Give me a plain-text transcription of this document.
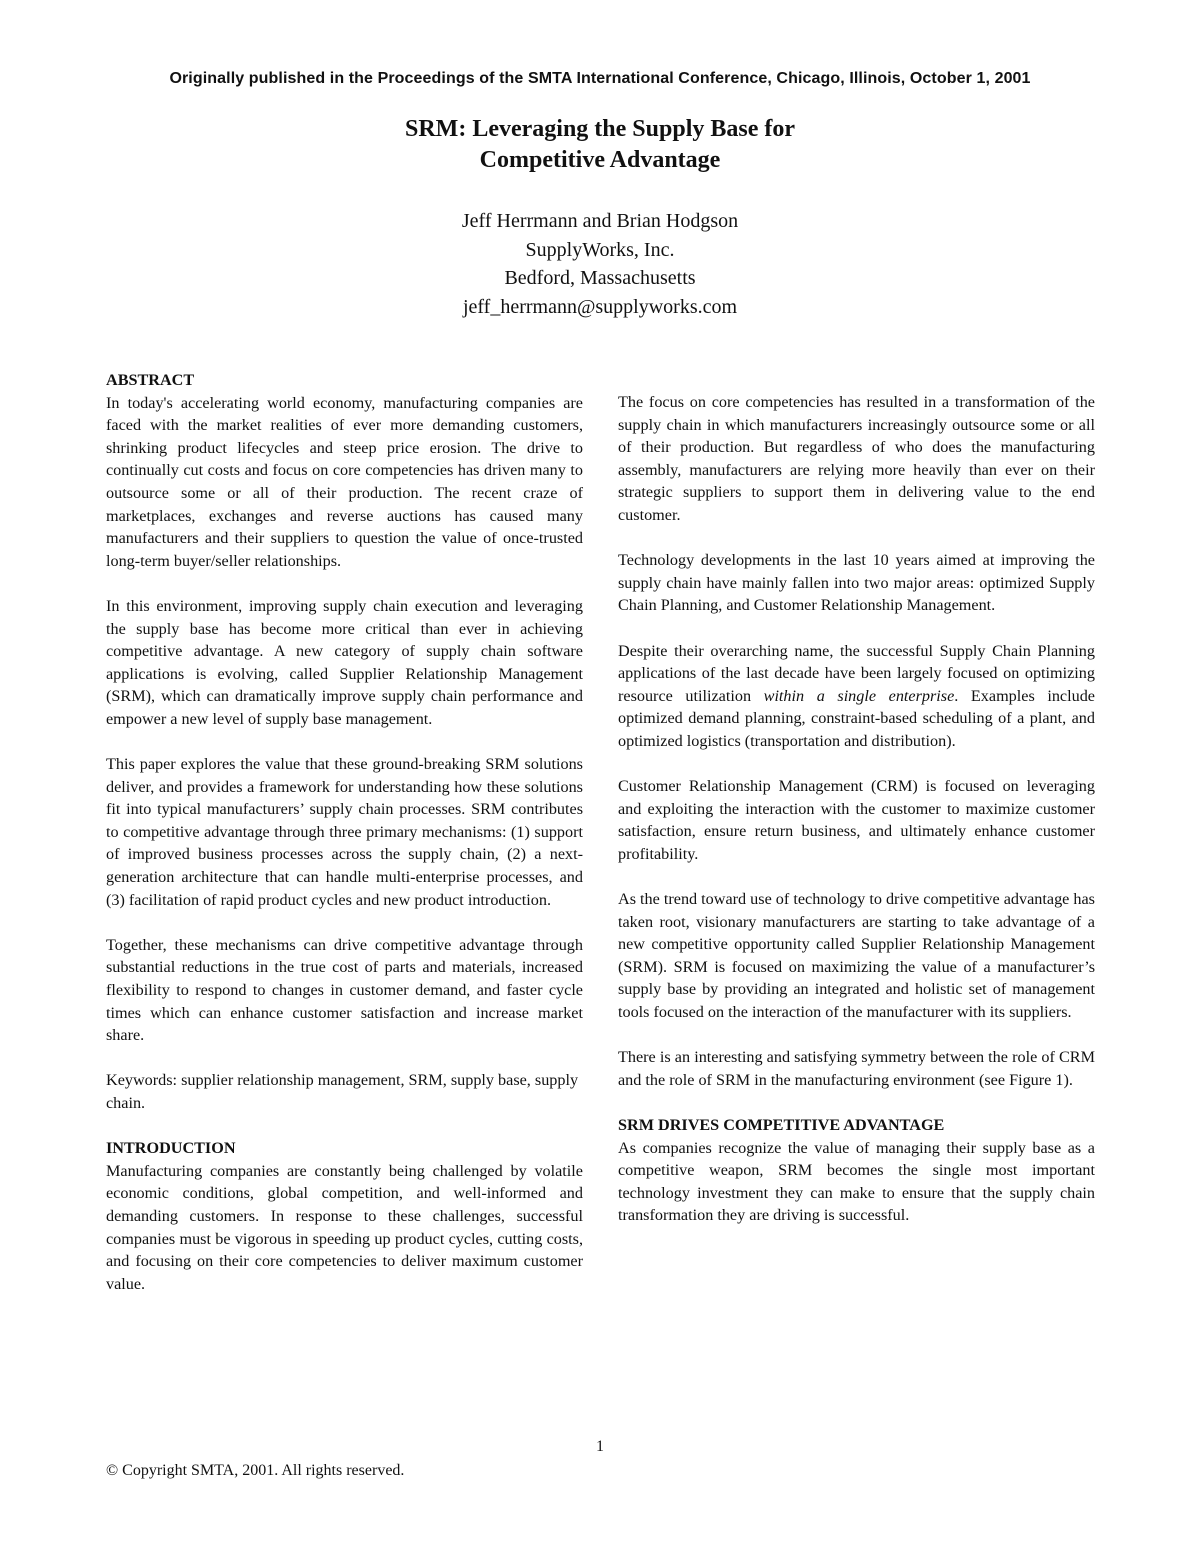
Originally published in the Proceedings of the SMTA International Conference, Chicago, Illinois, October 1, 2001
SRM: Leveraging the Supply Base for
Competitive Advantage
Jeff Herrmann and Brian Hodgson
SupplyWorks, Inc.
Bedford, Massachusetts
jeff_herrmann@supplyworks.com
ABSTRACT

In today's accelerating world economy, manufacturing companies are faced with the market realities of ever more demanding customers, shrinking product lifecycles and steep price erosion. The drive to continually cut costs and focus on core competencies has driven many to outsource some or all of their production. The recent craze of marketplaces, exchanges and reverse auctions has caused many manufacturers and their suppliers to question the value of once-trusted long-term buyer/seller relationships.

In this environment, improving supply chain execution and leveraging the supply base has become more critical than ever in achieving competitive advantage. A new category of supply chain software applications is evolving, called Supplier Relationship Management (SRM), which can dramatically improve supply chain performance and empower a new level of supply base management.

This paper explores the value that these ground-breaking SRM solutions deliver, and provides a framework for understanding how these solutions fit into typical manufacturers’ supply chain processes. SRM contributes to competitive advantage through three primary mechanisms: (1) support of improved business processes across the supply chain, (2) a next-generation architecture that can handle multi-enterprise processes, and (3) facilitation of rapid product cycles and new product introduction.

Together, these mechanisms can drive competitive advantage through substantial reductions in the true cost of parts and materials, increased flexibility to respond to changes in customer demand, and faster cycle times which can enhance customer satisfaction and increase market share.

Keywords: supplier relationship management, SRM, supply base, supply chain.

INTRODUCTION

Manufacturing companies are constantly being challenged by volatile economic conditions, global competition, and well-informed and demanding customers. In response to these challenges, successful companies must be vigorous in speeding up product cycles, cutting costs, and focusing on their core competencies to deliver maximum customer value.

The focus on core competencies has resulted in a transformation of the supply chain in which manufacturers increasingly outsource some or all of their production. But regardless of who does the manufacturing assembly, manufacturers are relying more heavily than ever on their strategic suppliers to support them in delivering value to the end customer.

Technology developments in the last 10 years aimed at improving the supply chain have mainly fallen into two major areas: optimized Supply Chain Planning, and Customer Relationship Management.

Despite their overarching name, the successful Supply Chain Planning applications of the last decade have been largely focused on optimizing resource utilization within a single enterprise. Examples include optimized demand planning, constraint-based scheduling of a plant, and optimized logistics (transportation and distribution).

Customer Relationship Management (CRM) is focused on leveraging and exploiting the interaction with the customer to maximize customer satisfaction, ensure return business, and ultimately enhance customer profitability.

As the trend toward use of technology to drive competitive advantage has taken root, visionary manufacturers are starting to take advantage of a new competitive opportunity called Supplier Relationship Management (SRM). SRM is focused on maximizing the value of a manufacturer’s supply base by providing an integrated and holistic set of management tools focused on the interaction of the manufacturer with its suppliers.

There is an interesting and satisfying symmetry between the role of CRM and the role of SRM in the manufacturing environment (see Figure 1).

SRM DRIVES COMPETITIVE ADVANTAGE

As companies recognize the value of managing their supply base as a competitive weapon, SRM becomes the single most important technology investment they can make to ensure that the supply chain transformation they are driving is successful.

1
© Copyright SMTA, 2001. All rights reserved.
